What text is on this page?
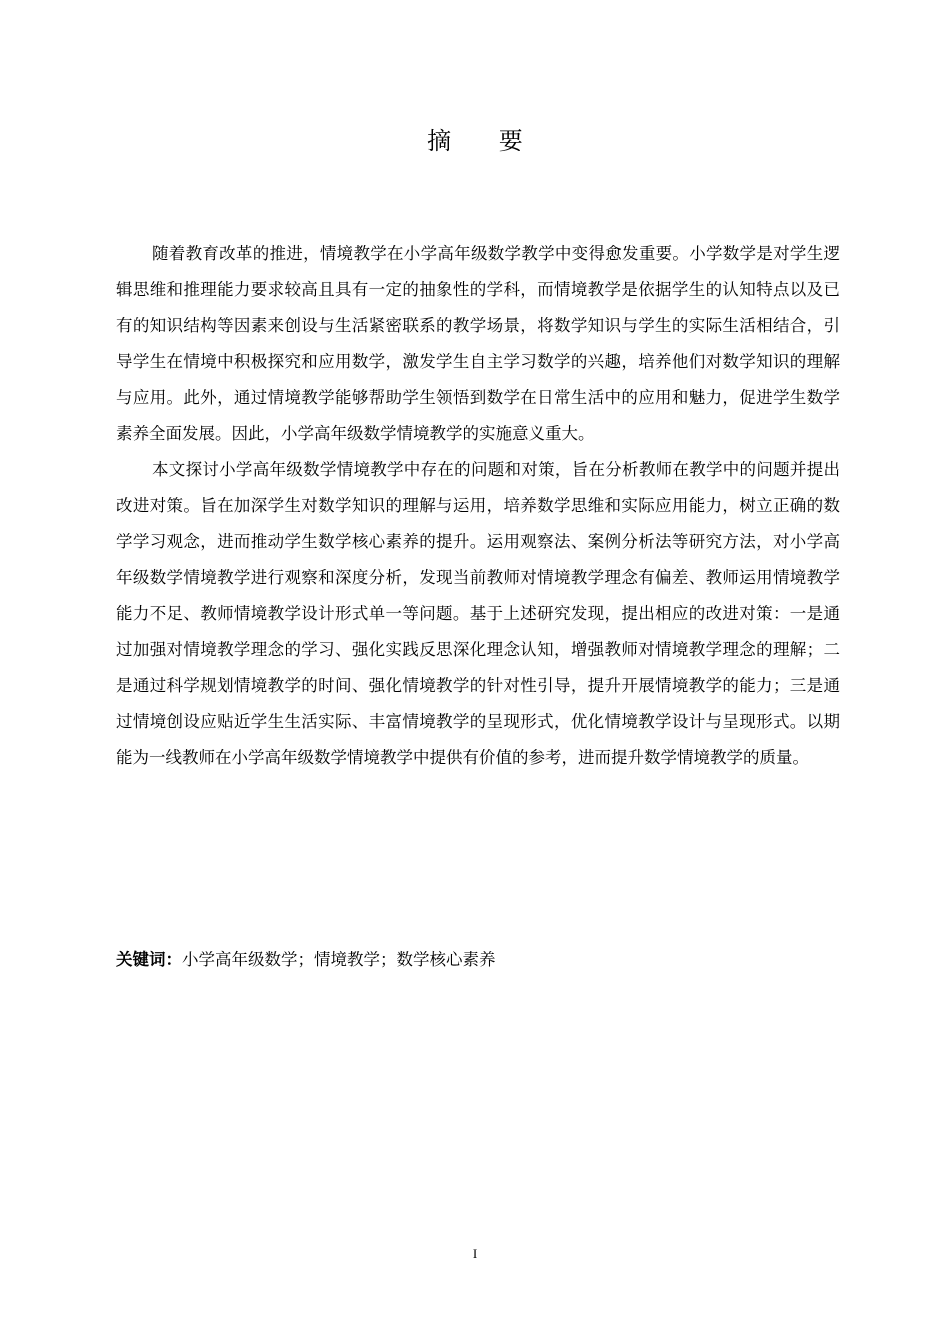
摘 要

随着教育改革的推进，情境教学在小学高年级数学教学中变得愈发重要。小学数学是对学生逻辑思维和推理能力要求较高且具有一定的抽象性的学科，而情境教学是依据学生的认知特点以及已有的知识结构等因素来创设与生活紧密联系的教学场景，将数学知识与学生的实际生活相结合，引导学生在情境中积极探究和应用数学，激发学生自主学习数学的兴趣，培养他们对数学知识的理解与应用。此外，通过情境教学能够帮助学生领悟到数学在日常生活中的应用和魅力，促进学生数学素养全面发展。因此，小学高年级数学情境教学的实施意义重大。

本文探讨小学高年级数学情境教学中存在的问题和对策，旨在分析教师在教学中的问题并提出改进对策。旨在加深学生对数学知识的理解与运用，培养数学思维和实际应用能力，树立正确的数学学习观念，进而推动学生数学核心素养的提升。运用观察法、案例分析法等研究方法，对小学高年级数学情境教学进行观察和深度分析，发现当前教师对情境教学理念有偏差、教师运用情境教学能力不足、教师情境教学设计形式单一等问题。基于上述研究发现，提出相应的改进对策：一是通过加强对情境教学理念的学习、强化实践反思深化理念认知，增强教师对情境教学理念的理解；二是通过科学规划情境教学的时间、强化情境教学的针对性引导，提升开展情境教学的能力；三是通过情境创设应贴近学生生活实际、丰富情境教学的呈现形式，优化情境教学设计与呈现形式。以期能为一线教师在小学高年级数学情境教学中提供有价值的参考，进而提升数学情境教学的质量。

关键词：小学高年级数学；情境教学；数学核心素养

I
